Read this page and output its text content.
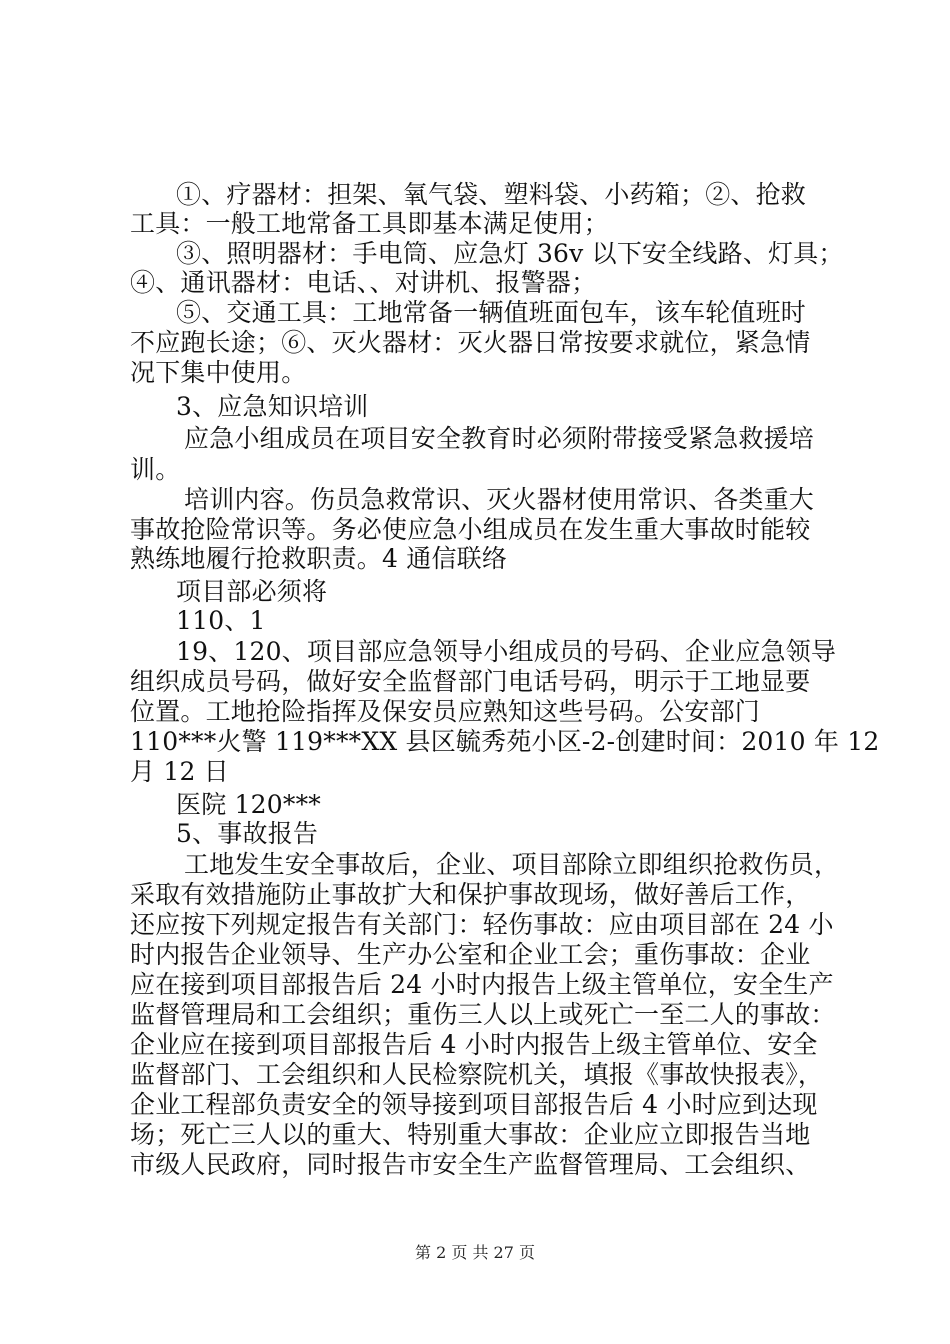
①、疗器材：担架、氧气袋、塑料袋、小药箱；②、抢救
工具：一般工地常备工具即基本满足使用；
③、照明器材：手电筒、应急灯 36v 以下安全线路、灯具；
④、通讯器材：电话、、对讲机、报警器；
⑤、交通工具：工地常备一辆值班面包车，该车轮值班时
不应跑长途；⑥、灭火器材：灭火器日常按要求就位，紧急情
况下集中使用。
3、应急知识培训
应急小组成员在项目安全教育时必须附带接受紧急救援培
训。
培训内容。伤员急救常识、灭火器材使用常识、各类重大
事故抢险常识等。务必使应急小组成员在发生重大事故时能较
熟练地履行抢救职责。4 通信联络
项目部必须将
110、1
19、120、项目部应急领导小组成员的号码、企业应急领导
组织成员号码，做好安全监督部门电话号码，明示于工地显要
位置。工地抢险指挥及保安员应熟知这些号码。公安部门
110***火警 119***XX 县区毓秀苑小区-2-创建时间：2010 年 12
月 12 日
医院 120***
5、事故报告
工地发生安全事故后，企业、项目部除立即组织抢救伤员，
采取有效措施防止事故扩大和保护事故现场，做好善后工作，
还应按下列规定报告有关部门：轻伤事故：应由项目部在 24 小
时内报告企业领导、生产办公室和企业工会；重伤事故：企业
应在接到项目部报告后 24 小时内报告上级主管单位，安全生产
监督管理局和工会组织；重伤三人以上或死亡一至二人的事故：
企业应在接到项目部报告后 4 小时内报告上级主管单位、安全
监督部门、工会组织和人民检察院机关，填报《事故快报表》，
企业工程部负责安全的领导接到项目部报告后 4 小时应到达现
场；死亡三人以的重大、特别重大事故：企业应立即报告当地
市级人民政府，同时报告市安全生产监督管理局、工会组织、
第 2 页 共 27 页
